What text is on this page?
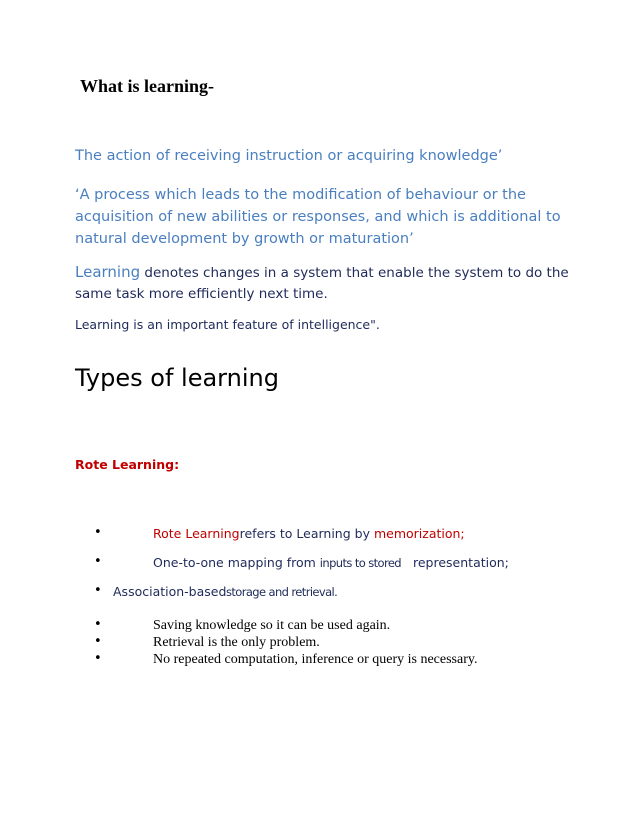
What is learning-

The action of receiving instruction or acquiring knowledge’

‘A process which leads to the modification of behaviour or the acquisition of new abilities or responses, and which is additional to natural development by growth or maturation’

Learning denotes changes in a system that enable the system to do the same task more efficiently next time.

Learning is an important feature of intelligence".

Types of learning

Rote Learning:

•	Rote Learningrefers to Learning by memorization;

•	One-to-one mapping from inputs to stored representation;

• Association-based storage and retrieval.

•	Saving knowledge so it can be used again.

•	Retrieval is the only problem.

•	No repeated computation, inference or query is necessary.
